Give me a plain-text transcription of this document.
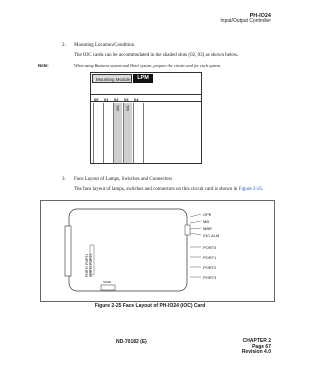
PH-IO24
Input/Output Controller
2. Mounting Location/Condition
The IOC cards can be accommodated in the shaded slots (02, 03) as shown below.
Note:	When using Business system and Hotel system, prepare the circuit card for each system.
Mounting Module	LPM
00 01 02 03 04
IOC IOC
3. Face Layout of Lamps, Switches and Connectors
The face layout of lamps, switches and connectors on this circuit card is shown in Figure 2-25.
OPE
MB
MBR
IOC ALM
PORT0
PORT1
PORT2
PORT3
SW00
PORT0 PORT1 PORT2 PORT3
Figure 2-25 Face Layout of PH-IO24 (IOC) Card
ND-70182 (E)	CHAPTER 2
Page 67
Revision 4.0
